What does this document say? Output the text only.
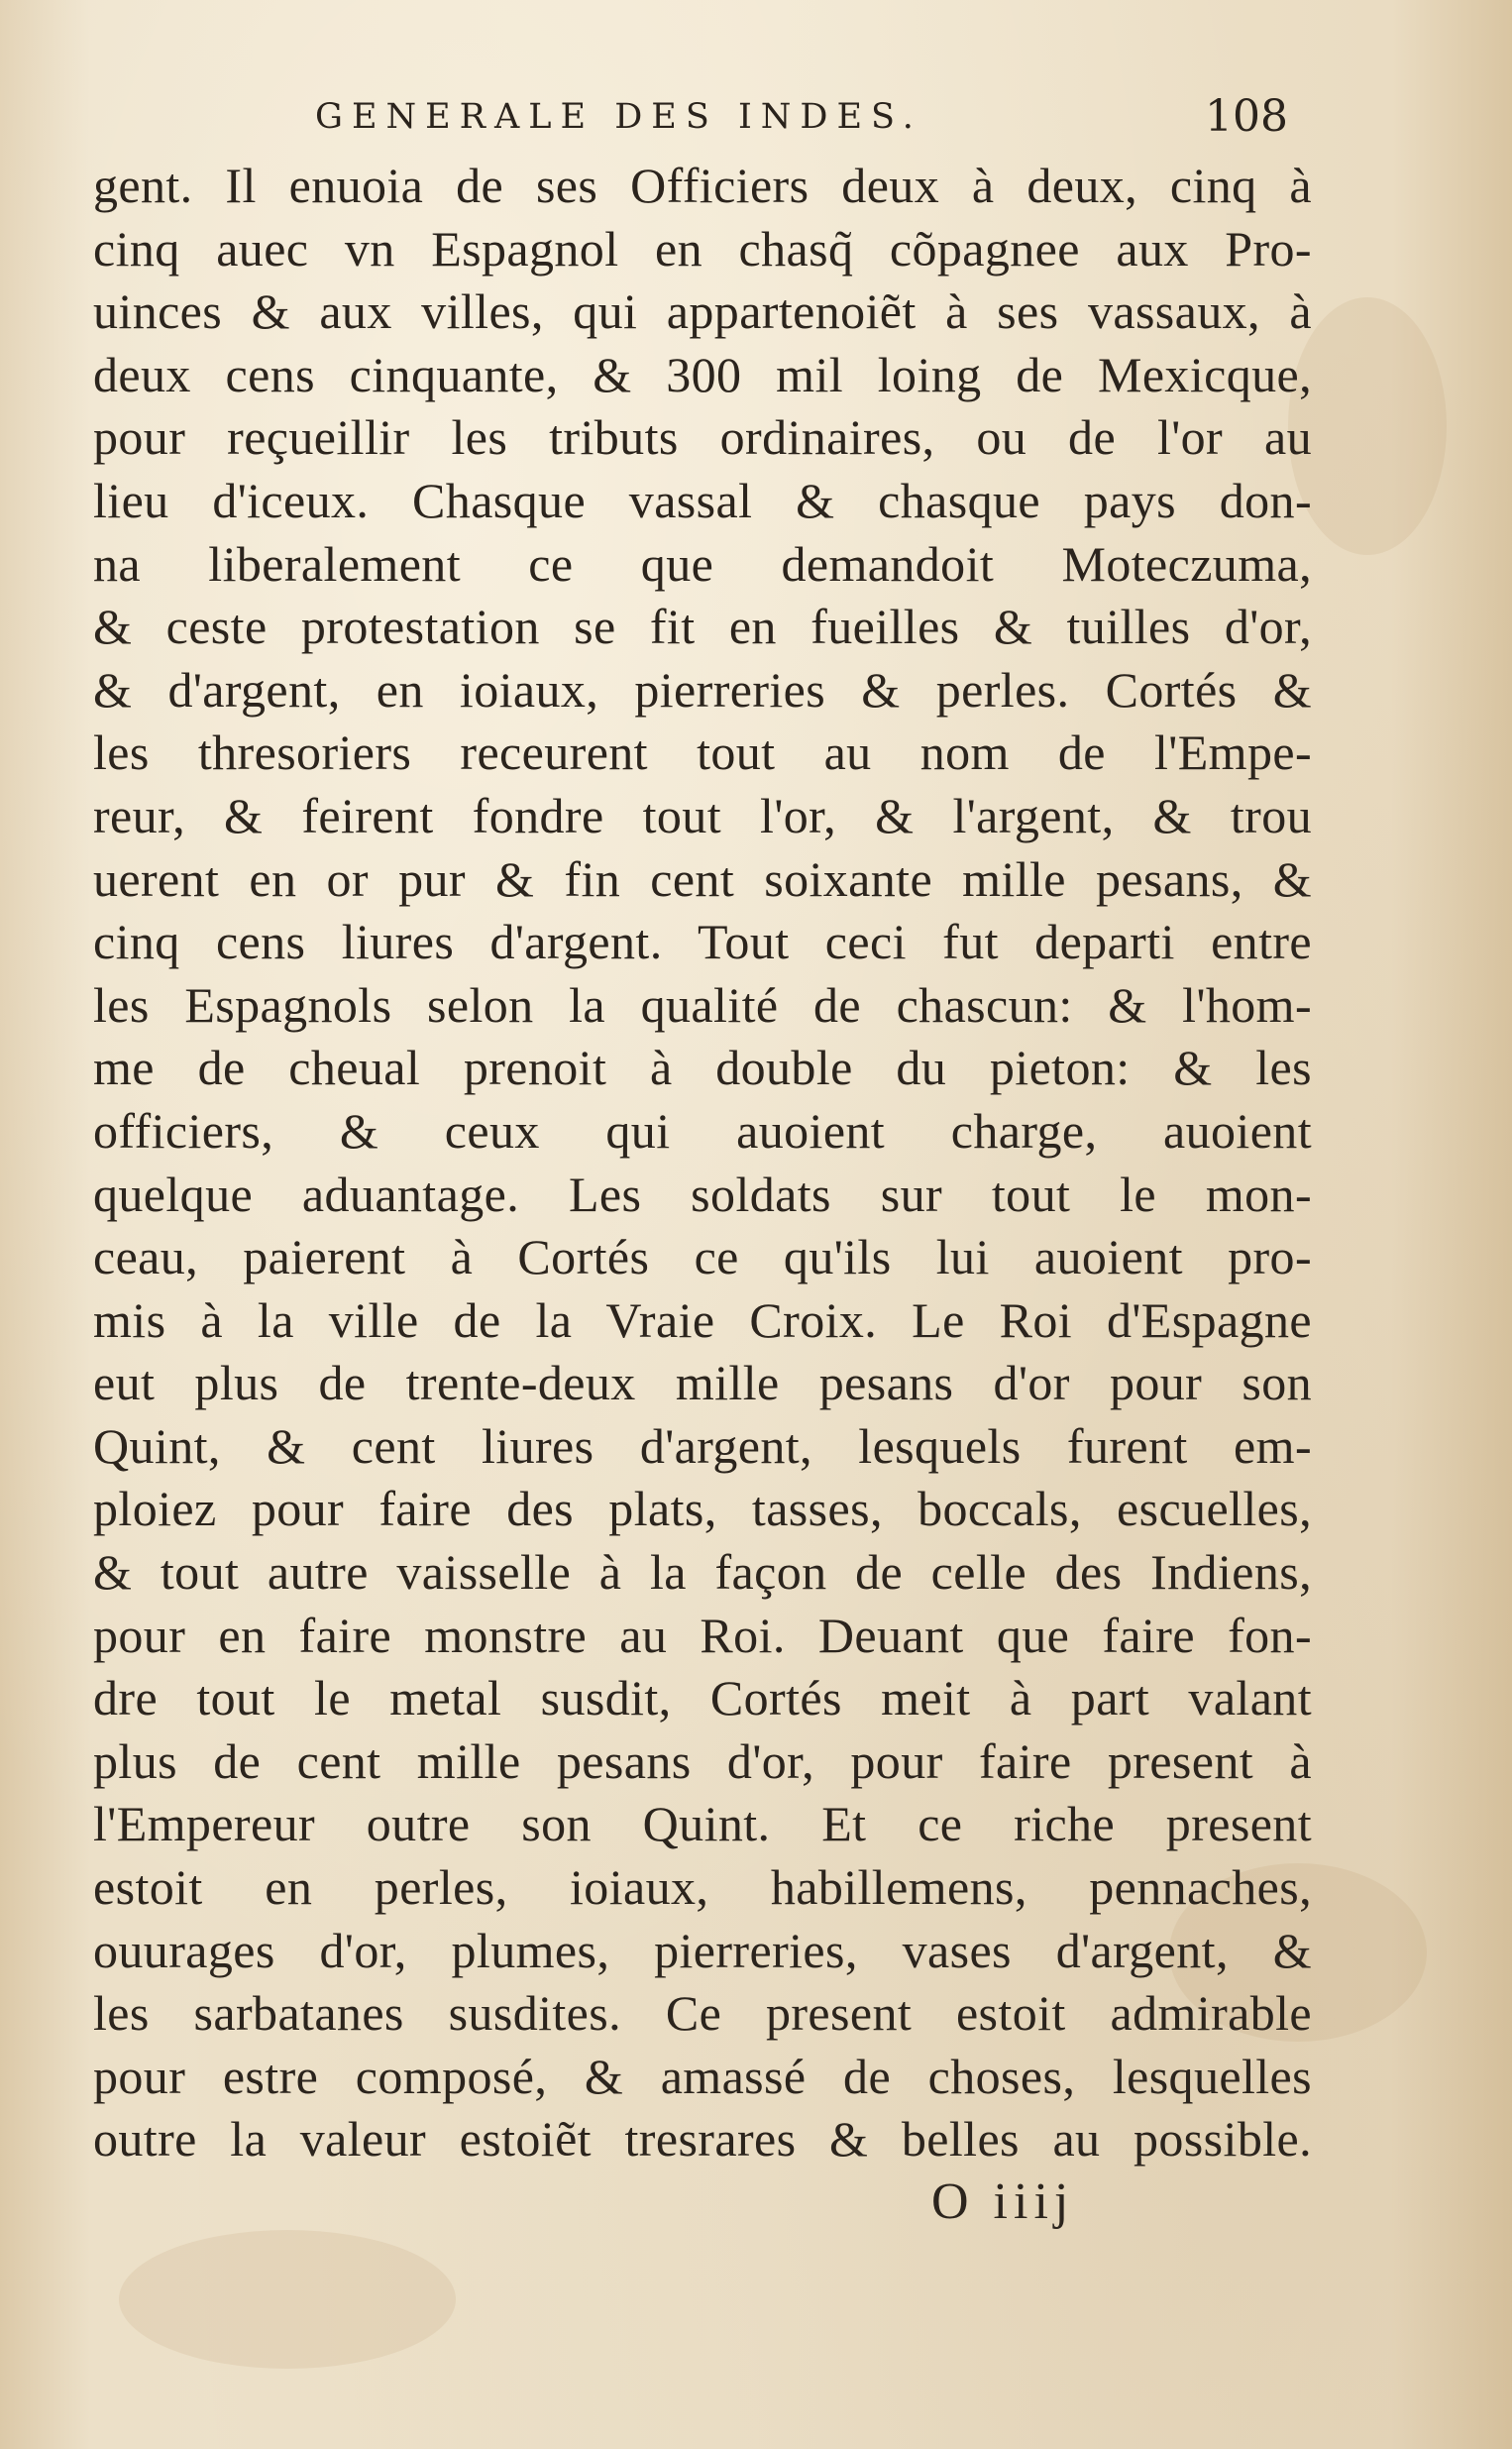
GENERALE DES INDES.	108
gent. Il enuoia de ses Officiers deux à deux, cinq à
cinq auec vn Espagnol en chasq̃ cõpagnee aux Pro-
uinces & aux villes, qui appartenoiẽt à ses vassaux, à
deux cens cinquante, & 300 mil loing de Mexicque,
pour reçueillir les tributs ordinaires, ou de l'or au
lieu d'iceux. Chasque vassal & chasque pays don-
na liberalement ce que demandoit Moteczuma,
& ceste protestation se fit en fueilles & tuilles d'or,
& d'argent, en ioiaux, pierreries & perles. Cortés &
les thresoriers receurent tout au nom de l'Empe-
reur, & feirent fondre tout l'or, & l'argent, & trou
uerent en or pur & fin cent soixante mille pesans, &
cinq cens liures d'argent. Tout ceci fut departi entre
les Espagnols selon la qualité de chascun: & l'hom-
me de cheual prenoit à double du pieton: & les
officiers, & ceux qui auoient charge, auoient
quelque aduantage. Les soldats sur tout le mon-
ceau, paierent à Cortés ce qu'ils lui auoient pro-
mis à la ville de la Vraie Croix. Le Roi d'Espagne
eut plus de trente-deux mille pesans d'or pour son
Quint, & cent liures d'argent, lesquels furent em-
ploiez pour faire des plats, tasses, boccals, escuelles,
& tout autre vaisselle à la façon de celle des Indiens,
pour en faire monstre au Roi. Deuant que faire fon-
dre tout le metal susdit, Cortés meit à part valant
plus de cent mille pesans d'or, pour faire present à
l'Empereur outre son Quint. Et ce riche present
estoit en perles, ioiaux, habillemens, pennaches,
ouurages d'or, plumes, pierreries, vases d'argent, &
les sarbatanes susdites. Ce present estoit admirable
pour estre composé, & amassé de choses, lesquelles
outre la valeur estoiẽt tresrares & belles au possible.
O iiij
